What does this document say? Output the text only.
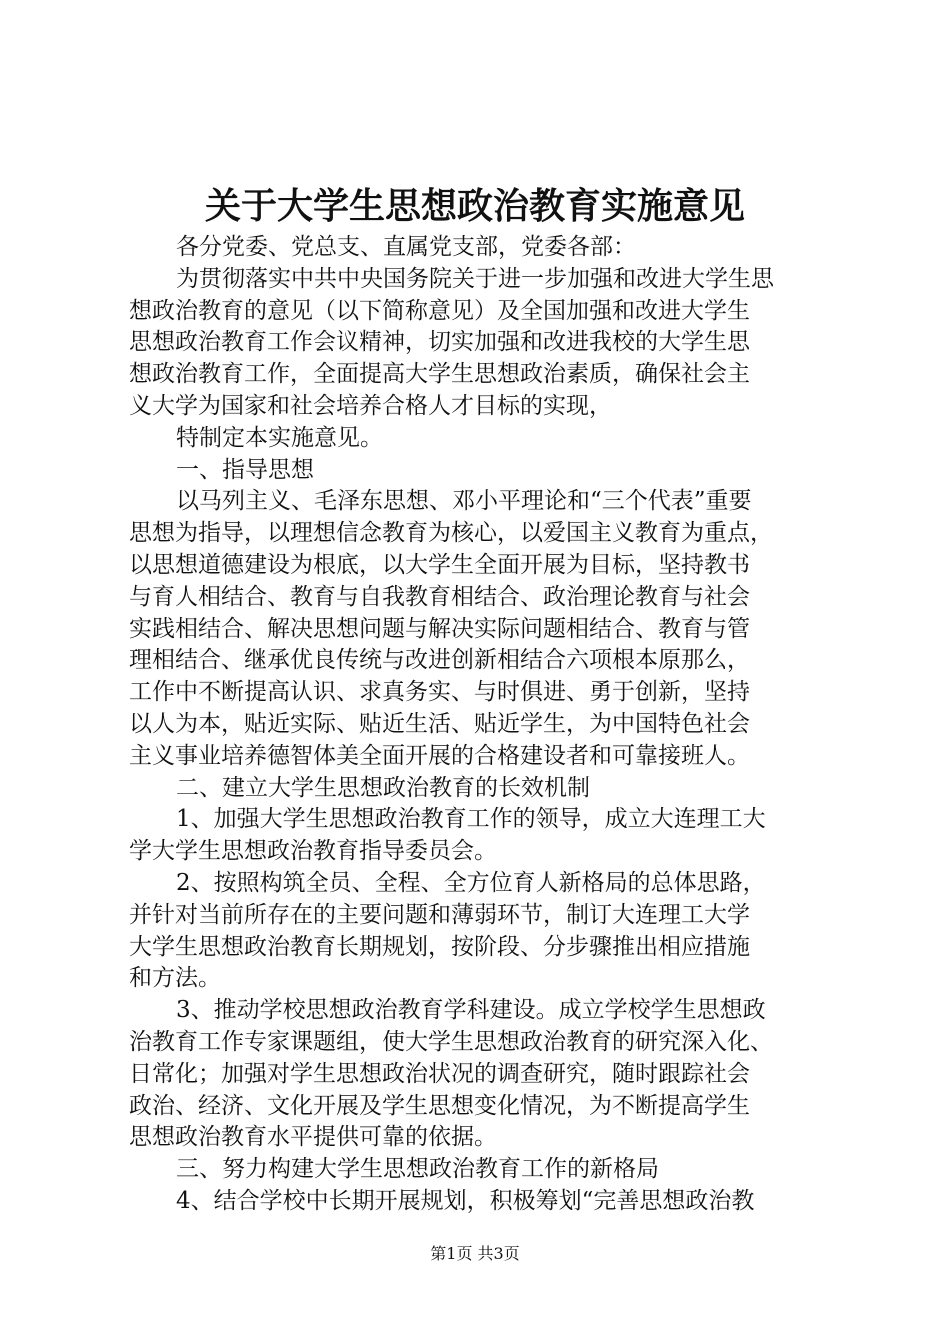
关于大学生思想政治教育实施意见
各分党委、党总支、直属党支部，党委各部：
为贯彻落实中共中央国务院关于进一步加强和改进大学生思
想政治教育的意见（以下简称意见）及全国加强和改进大学生
思想政治教育工作会议精神，切实加强和改进我校的大学生思
想政治教育工作，全面提高大学生思想政治素质，确保社会主
义大学为国家和社会培养合格人才目标的实现，
特制定本实施意见。
一、指导思想
以马列主义、毛泽东思想、邓小平理论和“三个代表”重要
思想为指导，以理想信念教育为核心，以爱国主义教育为重点，
以思想道德建设为根底，以大学生全面开展为目标，坚持教书
与育人相结合、教育与自我教育相结合、政治理论教育与社会
实践相结合、解决思想问题与解决实际问题相结合、教育与管
理相结合、继承优良传统与改进创新相结合六项根本原那么，
工作中不断提高认识、求真务实、与时俱进、勇于创新，坚持
以人为本，贴近实际、贴近生活、贴近学生，为中国特色社会
主义事业培养德智体美全面开展的合格建设者和可靠接班人。
二、建立大学生思想政治教育的长效机制
1、加强大学生思想政治教育工作的领导，成立大连理工大
学大学生思想政治教育指导委员会。
2、按照构筑全员、全程、全方位育人新格局的总体思路，
并针对当前所存在的主要问题和薄弱环节，制订大连理工大学
大学生思想政治教育长期规划，按阶段、分步骤推出相应措施
和方法。
3、推动学校思想政治教育学科建设。成立学校学生思想政
治教育工作专家课题组，使大学生思想政治教育的研究深入化、
日常化；加强对学生思想政治状况的调查研究，随时跟踪社会
政治、经济、文化开展及学生思想变化情况，为不断提高学生
思想政治教育水平提供可靠的依据。
三、努力构建大学生思想政治教育工作的新格局
4、结合学校中长期开展规划，积极筹划“完善思想政治教
第1页 共3页
